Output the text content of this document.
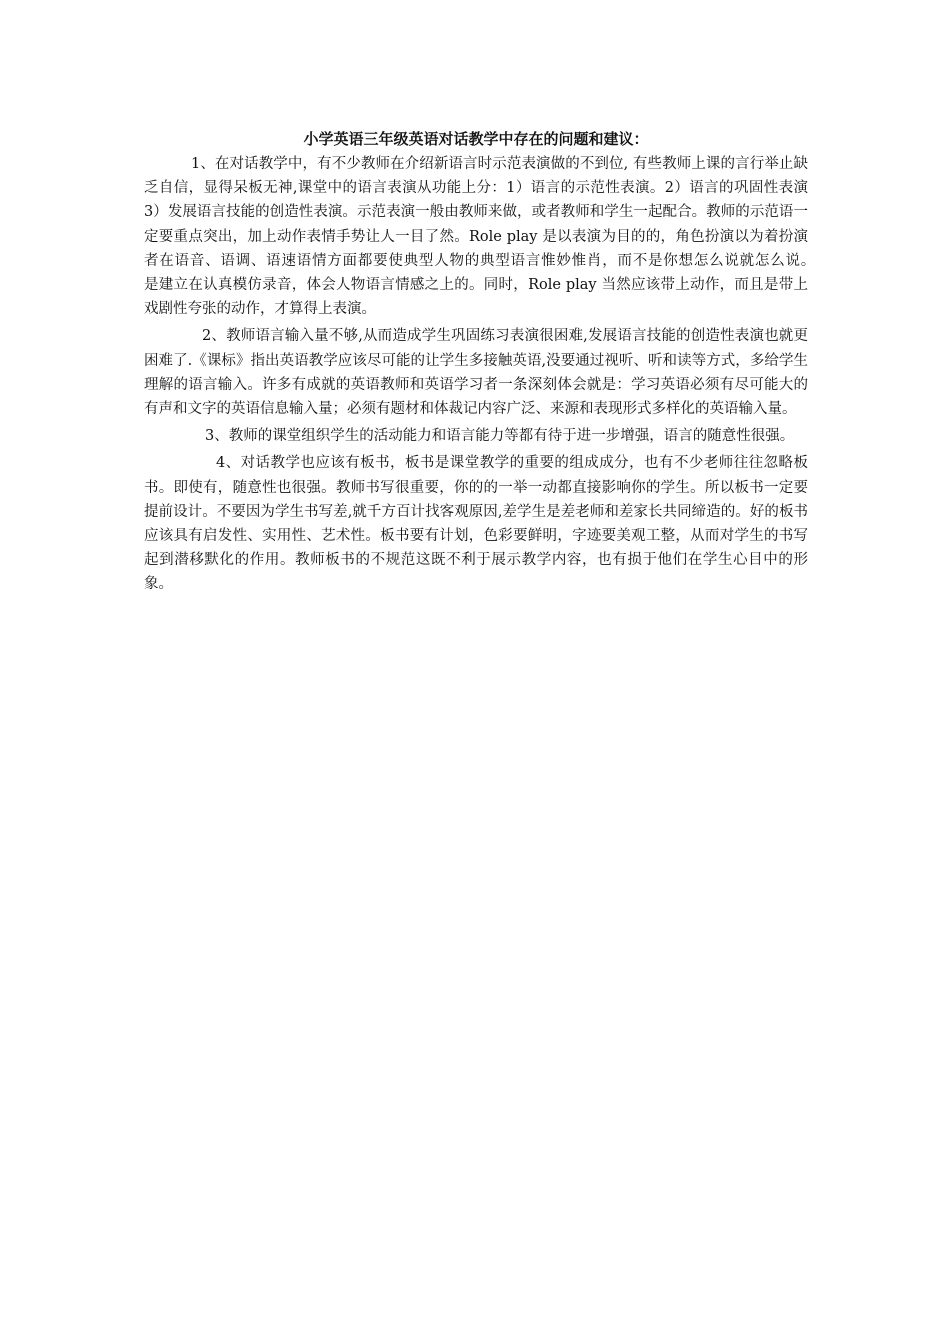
小学英语三年级英语对话教学中存在的问题和建议：

1、在对话教学中，有不少教师在介绍新语言时示范表演做的不到位, 有些教师上课的言行举止缺乏自信，显得呆板无神,课堂中的语言表演从功能上分：1）语言的示范性表演。2）语言的巩固性表演 3）发展语言技能的创造性表演。示范表演一般由教师来做，或者教师和学生一起配合。教师的示范语一定要重点突出，加上动作表情手势让人一目了然。Role play 是以表演为目的的，角色扮演以为着扮演者在语音、语调、语速语情方面都要使典型人物的典型语言惟妙惟肖，而不是你想怎么说就怎么说。　　是建立在认真模仿录音，体会人物语言情感之上的。同时，Role play 当然应该带上动作，而且是带上戏剧性夸张的动作，才算得上表演。

2、教师语言输入量不够,从而造成学生巩固练习表演很困难,发展语言技能的创造性表演也就更困难了.《课标》指出英语教学应该尽可能的让学生多接触英语,没要通过视听、听和读等方式，多给学生理解的语言输入。许多有成就的英语教师和英语学习者一条深刻体会就是：学习英语必须有尽可能大的有声和文字的英语信息输入量；必须有题材和体裁记内容广泛、来源和表现形式多样化的英语输入量。

3、教师的课堂组织学生的活动能力和语言能力等都有待于进一步增强，语言的随意性很强。

4、对话教学也应该有板书，板书是课堂教学的重要的组成成分，也有不少老师往往忽略板书。即使有，随意性也很强。教师书写很重要，你的的一举一动都直接影响你的学生。所以板书一定要提前设计。不要因为学生书写差,就千方百计找客观原因,差学生是差老师和差家长共同缔造的。好的板书应该具有启发性、实用性、艺术性。板书要有计划，色彩要鲜明，字迹要美观工整，从而对学生的书写起到潜移默化的作用。教师板书的不规范这既不利于展示教学内容，也有损于他们在学生心目中的形象。
